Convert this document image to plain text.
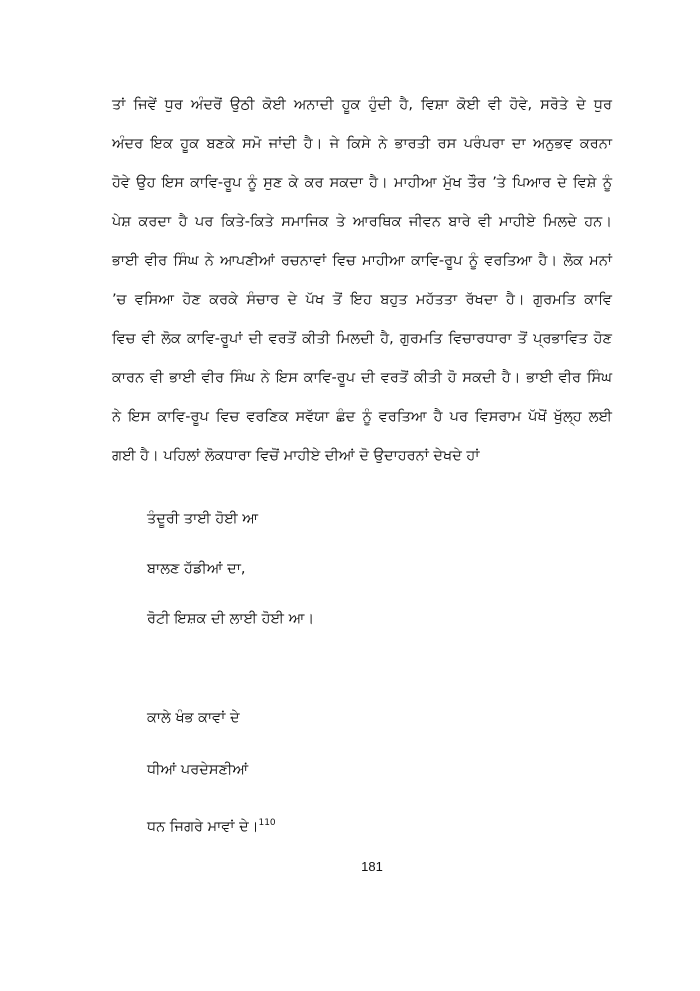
ਤਾਂ ਜਿਵੇਂ ਧੁਰ ਅੰਦਰੋਂ ਉਠੀ ਕੋਈ ਅਨਾਦੀ ਹੂਕ ਹੁੰਦੀ ਹੈ, ਵਿਸ਼ਾ ਕੋਈ ਵੀ ਹੋਵੇ, ਸਰੋਤੇ ਦੇ ਧੁਰ
ਅੰਦਰ ਇਕ ਹੂਕ ਬਣਕੇ ਸਮੋ ਜਾਂਦੀ ਹੈ। ਜੇ ਕਿਸੇ ਨੇ ਭਾਰਤੀ ਰਸ ਪਰੰਪਰਾ ਦਾ ਅਨੁਭਵ ਕਰਨਾ
ਹੋਵੇ ਉਹ ਇਸ ਕਾਵਿ-ਰੂਪ ਨੂੰ ਸੁਣ ਕੇ ਕਰ ਸਕਦਾ ਹੈ। ਮਾਹੀਆ ਮੁੱਖ ਤੌਰ ’ਤੇ ਪਿਆਰ ਦੇ ਵਿਸ਼ੇ ਨੂੰ
ਪੇਸ਼ ਕਰਦਾ ਹੈ ਪਰ ਕਿਤੇ-ਕਿਤੇ ਸਮਾਜਿਕ ਤੇ ਆਰਥਿਕ ਜੀਵਨ ਬਾਰੇ ਵੀ ਮਾਹੀਏ ਮਿਲਦੇ ਹਨ।
ਭਾਈ ਵੀਰ ਸਿੰਘ ਨੇ ਆਪਣੀਆਂ ਰਚਨਾਵਾਂ ਵਿਚ ਮਾਹੀਆ ਕਾਵਿ-ਰੂਪ ਨੂੰ ਵਰਤਿਆ ਹੈ। ਲੋਕ ਮਨਾਂ
’ਚ ਵਸਿਆ ਹੋਣ ਕਰਕੇ ਸੰਚਾਰ ਦੇ ਪੱਖ ਤੋਂ ਇਹ ਬਹੁਤ ਮਹੱਤਤਾ ਰੱਖਦਾ ਹੈ। ਗੁਰਮਤਿ ਕਾਵਿ
ਵਿਚ ਵੀ ਲੋਕ ਕਾਵਿ-ਰੂਪਾਂ ਦੀ ਵਰਤੋਂ ਕੀਤੀ ਮਿਲਦੀ ਹੈ, ਗੁਰਮਤਿ ਵਿਚਾਰਧਾਰਾ ਤੋਂ ਪ੍ਰਭਾਵਿਤ ਹੋਣ
ਕਾਰਨ ਵੀ ਭਾਈ ਵੀਰ ਸਿੰਘ ਨੇ ਇਸ ਕਾਵਿ-ਰੂਪ ਦੀ ਵਰਤੋਂ ਕੀਤੀ ਹੋ ਸਕਦੀ ਹੈ। ਭਾਈ ਵੀਰ ਸਿੰਘ
ਨੇ ਇਸ ਕਾਵਿ-ਰੂਪ ਵਿਚ ਵਰਣਿਕ ਸਵੱਯਾ ਛੰਦ ਨੂੰ ਵਰਤਿਆ ਹੈ ਪਰ ਵਿਸਰਾਮ ਪੱਖੋਂ ਖੁੱਲ੍ਹ ਲਈ
ਗਈ ਹੈ। ਪਹਿਲਾਂ ਲੋਕਧਾਰਾ ਵਿਚੋਂ ਮਾਹੀਏ ਦੀਆਂ ਦੋ ਉਦਾਹਰਨਾਂ ਦੇਖਦੇ ਹਾਂ
ਤੰਦੂਰੀ ਤਾਈ ਹੋਈ ਆ
ਬਾਲਣ ਹੱਡੀਆਂ ਦਾ,
ਰੋਟੀ ਇਸ਼ਕ ਦੀ ਲਾਈ ਹੋਈ ਆ।
ਕਾਲੇ ਖੰਭ ਕਾਵਾਂ ਦੇ
ਧੀਆਂ ਪਰਦੇਸਣੀਆਂ
ਧਨ ਜਿਗਰੇ ਮਾਵਾਂ ਦੇ।$^{110}$
181
